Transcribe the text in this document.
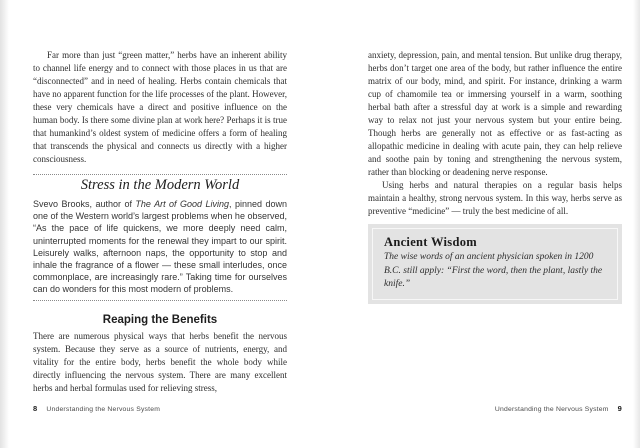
Far more than just “green matter,” herbs have an inherent ability to channel life energy and to connect with those places in us that are “disconnected” and in need of healing. Herbs contain chemicals that have no apparent function for the life processes of the plant. However, these very chemicals have a direct and positive influence on the human body. Is there some divine plan at work here? Perhaps it is true that humankind’s oldest system of medicine offers a form of healing that transcends the physical and connects us directly with a higher consciousness.

Stress in the Modern World

Svevo Brooks, author of The Art of Good Living, pinned down one of the Western world’s largest problems when he observed, “As the pace of life quickens, we more deeply need calm, uninterrupted moments for the renewal they impart to our spirit. Leisurely walks, afternoon naps, the opportunity to stop and inhale the fragrance of a flower — these small interludes, once commonplace, are increasingly rare.” Taking time for ourselves can do wonders for this most modern of problems.

Reaping the Benefits

There are numerous physical ways that herbs benefit the nervous system. Because they serve as a source of nutrients, energy, and vitality for the entire body, herbs benefit the whole body while directly influencing the nervous system. There are many excellent herbs and herbal formulas used for relieving stress,

8 Understanding the Nervous System

anxiety, depression, pain, and mental tension. But unlike drug therapy, herbs don’t target one area of the body, but rather influence the entire matrix of our body, mind, and spirit. For instance, drinking a warm cup of chamomile tea or immersing yourself in a warm, soothing herbal bath after a stressful day at work is a simple and rewarding way to relax not just your nervous system but your entire being. Though herbs are generally not as effective or as fast-acting as allopathic medicine in dealing with acute pain, they can help relieve and soothe pain by toning and strengthening the nervous system, rather than blocking or deadening nerve response.

Using herbs and natural therapies on a regular basis helps maintain a healthy, strong nervous system. In this way, herbs serve as preventive “medicine” — truly the best medicine of all.

Ancient Wisdom
The wise words of an ancient physician spoken in 1200 B.C. still apply: “First the word, then the plant, lastly the knife.”
Understanding the Nervous System 9
